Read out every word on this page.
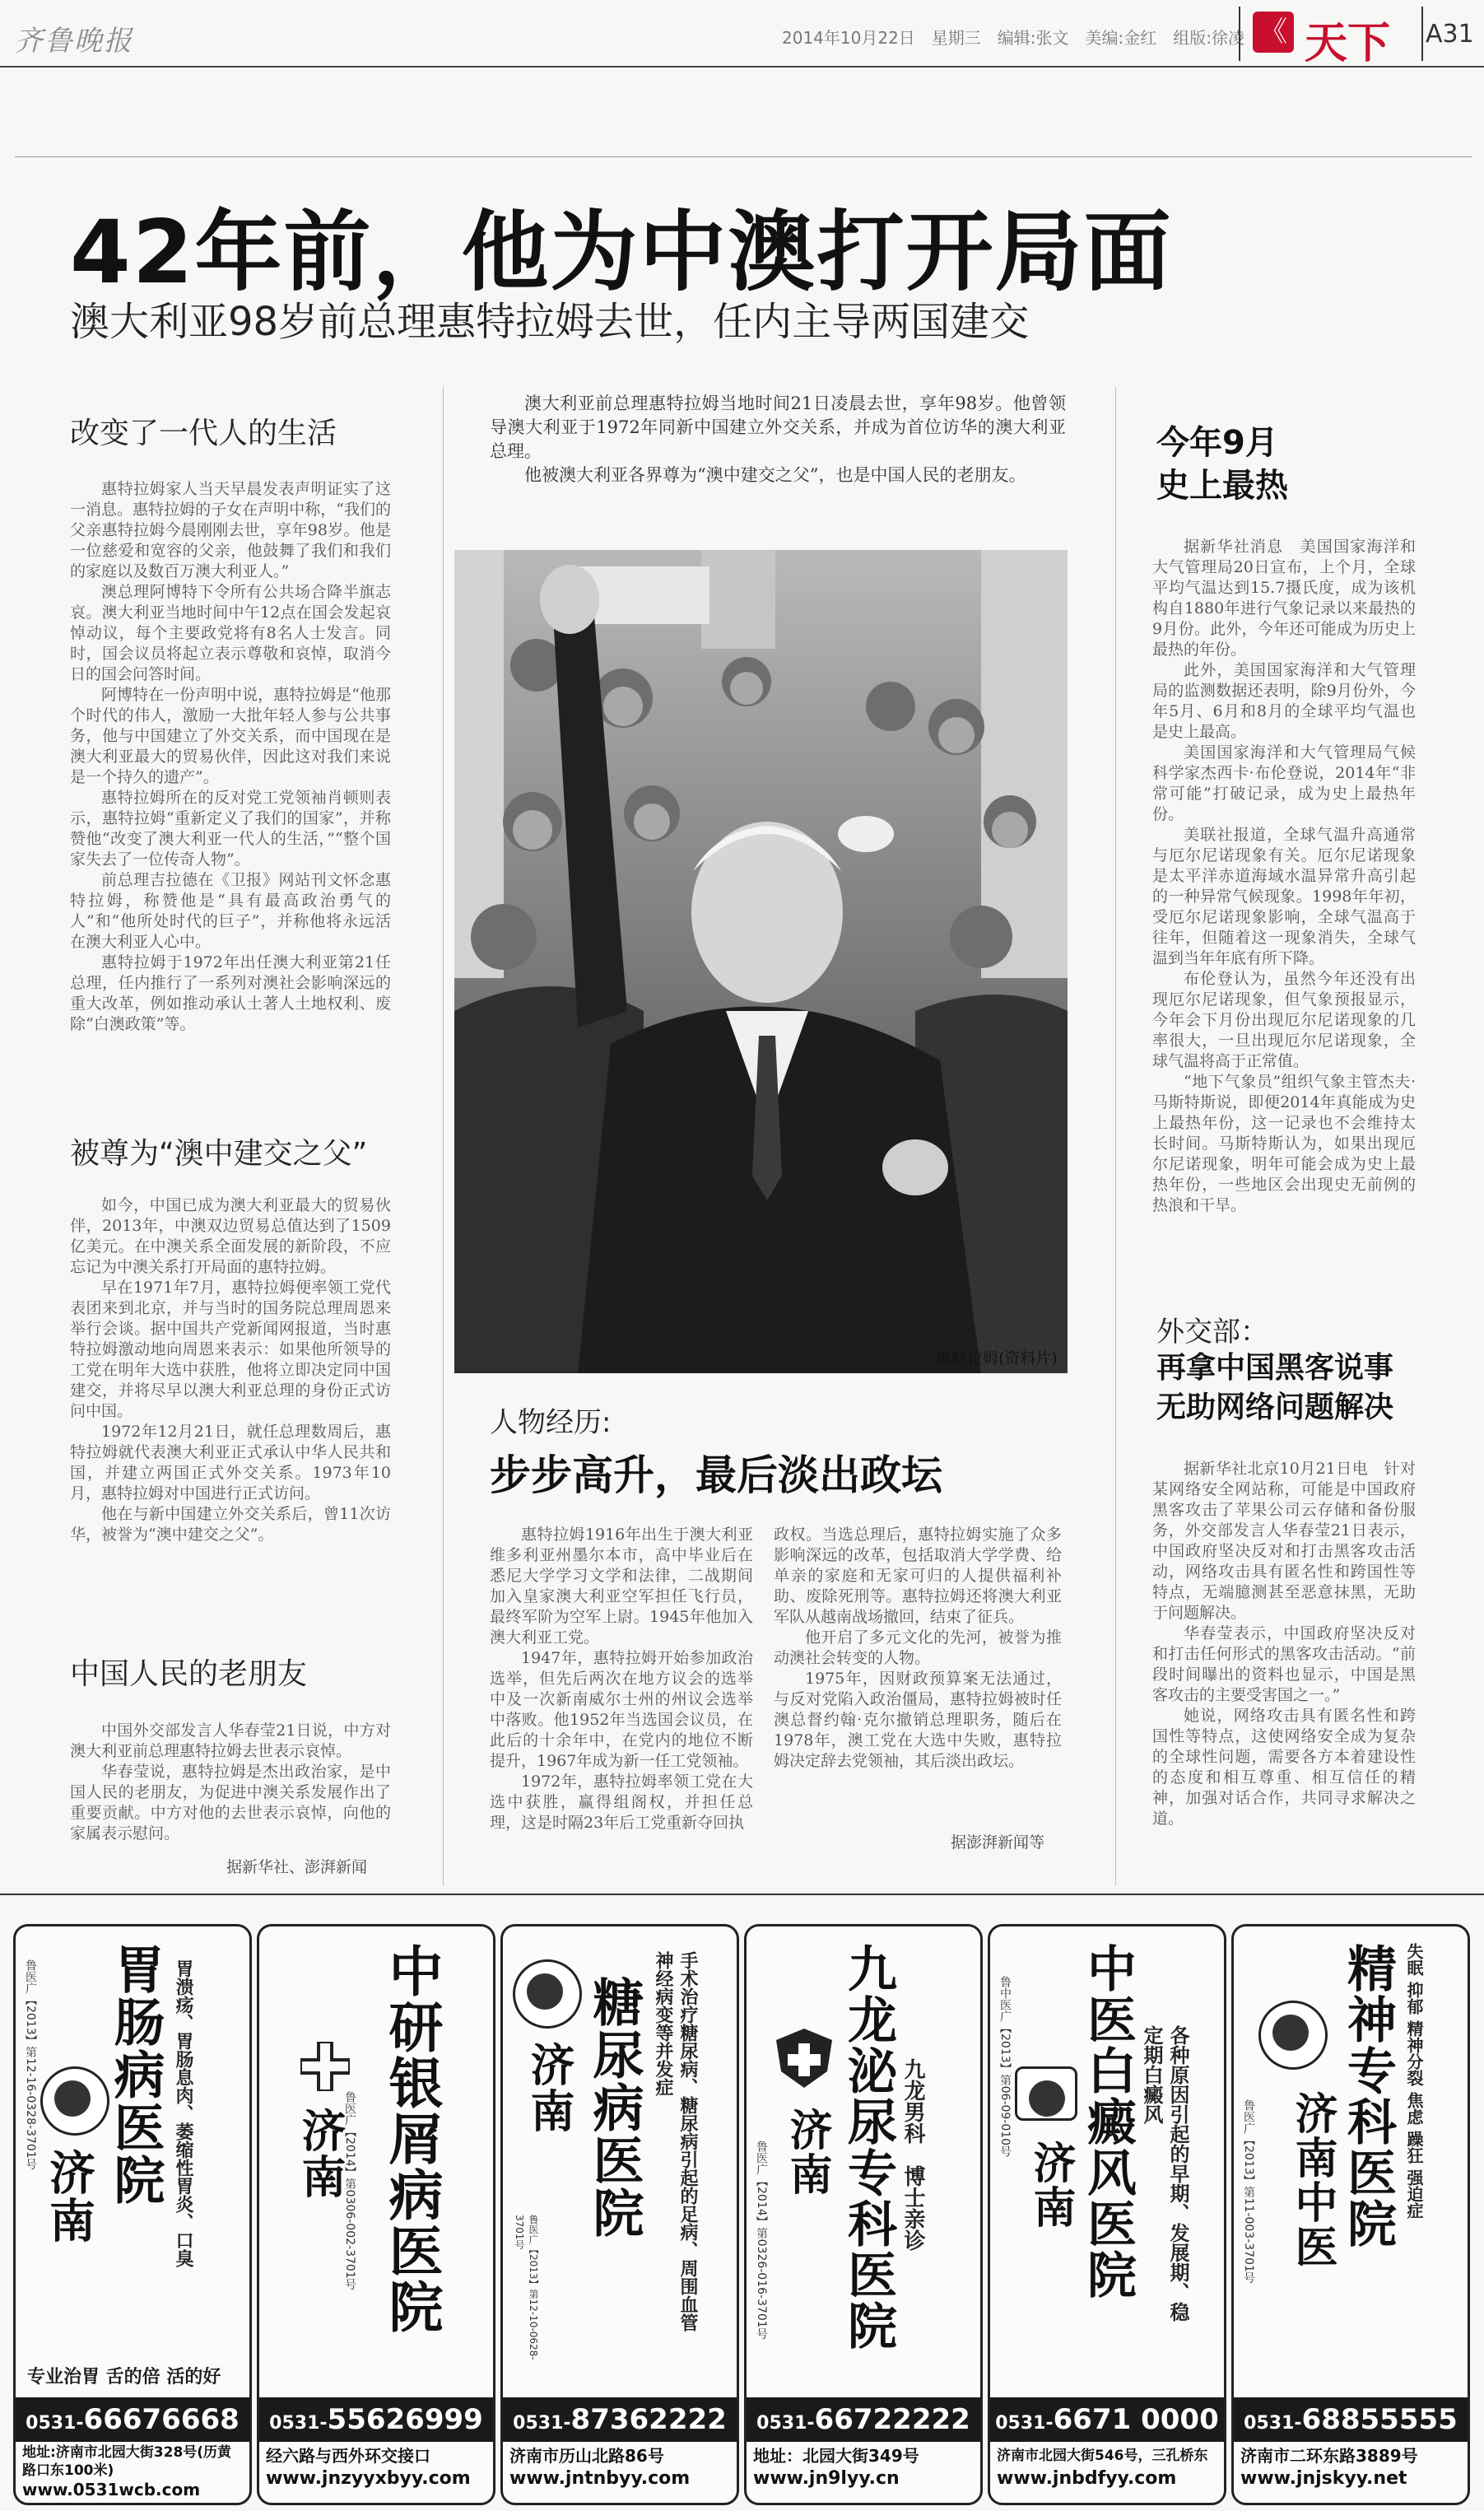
齐鲁晚报	2014年10月22日　星期三　编辑:张文　美编:金红　组版:徐凌 《 天下 A31
42年前，他为中澳打开局面
澳大利亚98岁前总理惠特拉姆去世，任内主导两国建交
改变了一代人的生活

惠特拉姆家人当天早晨发表声明证实了这一消息。惠特拉姆的子女在声明中称，“我们的父亲惠特拉姆今晨刚刚去世，享年98岁。他是一位慈爱和宽容的父亲，他鼓舞了我们和我们的家庭以及数百万澳大利亚人。”

澳总理阿博特下令所有公共场合降半旗志哀。澳大利亚当地时间中午12点在国会发起哀悼动议，每个主要政党将有8名人士发言。同时，国会议员将起立表示尊敬和哀悼，取消今日的国会问答时间。

阿博特在一份声明中说，惠特拉姆是“他那个时代的伟人，激励一大批年轻人参与公共事务，他与中国建立了外交关系，而中国现在是澳大利亚最大的贸易伙伴，因此这对我们来说是一个持久的遗产”。

惠特拉姆所在的反对党工党领袖肖顿则表示，惠特拉姆“重新定义了我们的国家”，并称赞他“改变了澳大利亚一代人的生活，”“整个国家失去了一位传奇人物”。

前总理吉拉德在《卫报》网站刊文怀念惠特拉姆，称赞他是“具有最高政治勇气的人”和“他所处时代的巨子”，并称他将永远活在澳大利亚人心中。

惠特拉姆于1972年出任澳大利亚第21任总理，任内推行了一系列对澳社会影响深远的重大改革，例如推动承认土著人土地权利、废除“白澳政策”等。

被尊为“澳中建交之父”

如今，中国已成为澳大利亚最大的贸易伙伴，2013年，中澳双边贸易总值达到了1509亿美元。在中澳关系全面发展的新阶段，不应忘记为中澳关系打开局面的惠特拉姆。

早在1971年7月，惠特拉姆便率领工党代表团来到北京，并与当时的国务院总理周恩来举行会谈。据中国共产党新闻网报道，当时惠特拉姆激动地向周恩来表示：如果他所领导的工党在明年大选中获胜，他将立即决定同中国建交，并将尽早以澳大利亚总理的身份正式访问中国。

1972年12月21日，就任总理数周后，惠特拉姆就代表澳大利亚正式承认中华人民共和国，并建立两国正式外交关系。1973年10月，惠特拉姆对中国进行正式访问。

他在与新中国建立外交关系后，曾11次访华，被誉为“澳中建交之父”。

中国人民的老朋友

中国外交部发言人华春莹21日说，中方对澳大利亚前总理惠特拉姆去世表示哀悼。

华春莹说，惠特拉姆是杰出政治家，是中国人民的老朋友，为促进中澳关系发展作出了重要贡献。中方对他的去世表示哀悼，向他的家属表示慰问。

据新华社、澎湃新闻

澳大利亚前总理惠特拉姆当地时间21日凌晨去世，享年98岁。他曾领导澳大利亚于1972年同新中国建立外交关系，并成为首位访华的澳大利亚总理。

他被澳大利亚各界尊为“澳中建交之父”，也是中国人民的老朋友。

惠特拉姆(资料片)
人物经历:
步步高升，最后淡出政坛

惠特拉姆1916年出生于澳大利亚维多利亚州墨尔本市，高中毕业后在悉尼大学学习文学和法律，二战期间加入皇家澳大利亚空军担任飞行员，最终军阶为空军上尉。1945年他加入澳大利亚工党。

1947年，惠特拉姆开始参加政治选举，但先后两次在地方议会的选举中及一次新南威尔士州的州议会选举中落败。他1952年当选国会议员，在此后的十余年中，在党内的地位不断提升，1967年成为新一任工党领袖。

1972年，惠特拉姆率领工党在大选中获胜，赢得组阁权，并担任总理，这是时隔23年后工党重新夺回执

政权。当选总理后，惠特拉姆实施了众多影响深远的改革，包括取消大学学费、给单亲的家庭和无家可归的人提供福利补助、废除死刑等。惠特拉姆还将澳大利亚军队从越南战场撤回，结束了征兵。

他开启了多元文化的先河，被誉为推动澳社会转变的人物。

1975年，因财政预算案无法通过，与反对党陷入政治僵局，惠特拉姆被时任澳总督约翰·克尔撤销总理职务，随后在1978年，澳工党在大选中失败，惠特拉姆决定辞去党领袖，其后淡出政坛。

据澎湃新闻等
今年9月
史上最热

据新华社消息　美国国家海洋和大气管理局20日宣布，上个月，全球平均气温达到15.7摄氏度，成为该机构自1880年进行气象记录以来最热的9月份。此外，今年还可能成为历史上最热的年份。

此外，美国国家海洋和大气管理局的监测数据还表明，除9月份外，今年5月、6月和8月的全球平均气温也是史上最高。

美国国家海洋和大气管理局气候科学家杰西卡·布伦登说，2014年“非常可能”打破记录，成为史上最热年份。

美联社报道，全球气温升高通常与厄尔尼诺现象有关。厄尔尼诺现象是太平洋赤道海域水温异常升高引起的一种异常气候现象。1998年年初，受厄尔尼诺现象影响，全球气温高于往年，但随着这一现象消失，全球气温到当年年底有所下降。

布伦登认为，虽然今年还没有出现厄尔尼诺现象，但气象预报显示，今年会下月份出现厄尔尼诺现象的几率很大，一旦出现厄尔尼诺现象，全球气温将高于正常值。

“地下气象员”组织气象主管杰夫·马斯特斯说，即便2014年真能成为史上最热年份，这一记录也不会维持太长时间。马斯特斯认为，如果出现厄尔尼诺现象，明年可能会成为史上最热年份，一些地区会出现史无前例的热浪和干旱。

外交部：
再拿中国黑客说事
无助网络问题解决

据新华社北京10月21日电　针对某网络安全网站称，可能是中国政府黑客攻击了苹果公司云存储和备份服务，外交部发言人华春莹21日表示，中国政府坚决反对和打击黑客攻击活动，网络攻击具有匿名性和跨国性等特点，无端臆测甚至恶意抹黑，无助于问题解决。

华春莹表示，中国政府坚决反对和打击任何形式的黑客攻击活动。“前段时间曝出的资料也显示，中国是黑客攻击的主要受害国之一。”

她说，网络攻击具有匿名性和跨国性等特点，这使网络安全成为复杂的全球性问题，需要各方本着建设性的态度和相互尊重、相互信任的精神，加强对话合作，共同寻求解决之道。

胃肠病医院
济南	胃溃疡、胃肠息肉、萎缩性胃炎、口臭
鲁医广【2013】第12-16-0328-3701号
专业治胃 舌的倍 活的好
0531-66676668
地址:济南市北园大街328号(历黄路口东100米)
www.0531wcb.com
中研银屑病医院
济南
鲁医广【2014】第0306-002-3701号
0531-55626999
经六路与西外环交接口
www.jnzyyxbyy.com
糖尿病医院
济南	手术治疗糖尿病、糖尿病引起的足病、周围血管神经病变等并发症
鲁医广【2013】第12-10-0628-3701号
0531-87362222
济南市历山北路86号
www.jntnbyy.com
九龙泌尿专科医院
济南	九龙男科　博士亲诊
鲁医广【2014】第0326-016-3701号
0531-66722222
地址：北园大街349号
www.jn9lyy.cn
中医白癜风医院
济南	各种原因引起的早期、发展期、稳定期白癜风
鲁中医广【2013】第06-09-010号
0531-6671 0000
济南市北园大街546号，三孔桥东
www.jnbdfyy.com
精神专科医院
济南中医	失眠 抑郁 精神分裂 焦虑 躁狂 强迫症
鲁医广【2013】第11-003-3701号
0531-68855555
济南市二环东路3889号
www.jnjskyy.net
